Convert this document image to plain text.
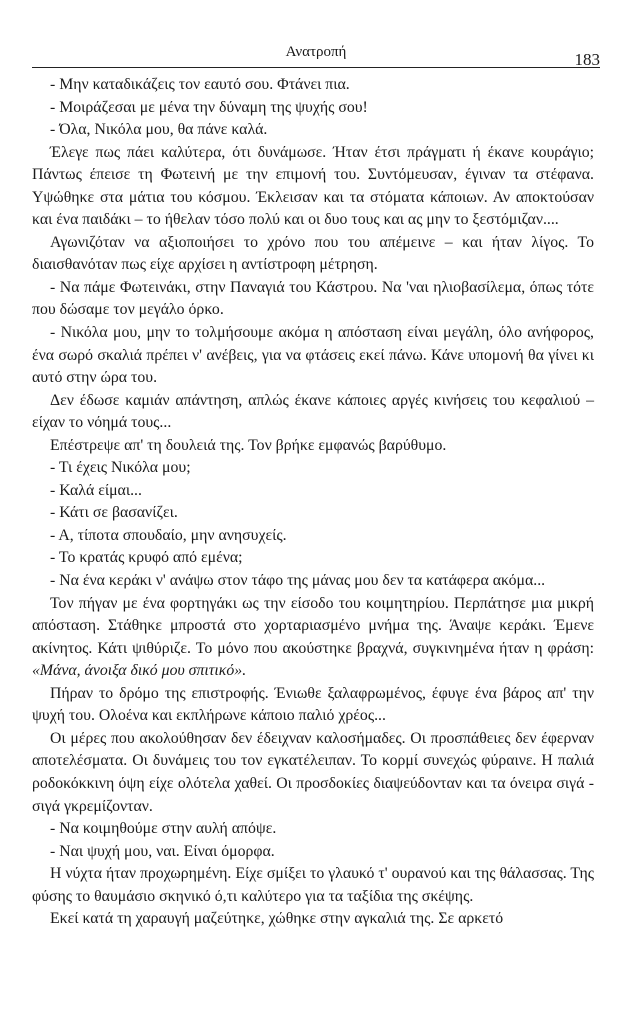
Ανατροπή	183

- Μην καταδικάζεις τον εαυτό σου. Φτάνει πια.

- Μοιράζεσαι με μένα την δύναμη της ψυχής σου!

- Όλα, Νικόλα μου, θα πάνε καλά.

Έλεγε πως πάει καλύτερα, ότι δυνάμωσε. Ήταν έτσι πράγματι ή έκανε κουράγιο; Πάντως έπεισε τη Φωτεινή με την επιμονή του. Συντόμευσαν, έγιναν τα στέφανα. Υψώθηκε στα μάτια του κόσμου. Έκλεισαν και τα στόματα κάποιων. Αν αποκτούσαν και ένα παιδάκι – το ήθελαν τόσο πολύ και οι δυο τους και ας μην το ξεστόμιζαν....

Αγωνιζόταν να αξιοποιήσει το χρόνο που του απέμεινε – και ήταν λίγος. Το διαισθανόταν πως είχε αρχίσει η αντίστροφη μέτρηση.

- Να πάμε Φωτεινάκι, στην Παναγιά του Κάστρου. Να 'ναι ηλιοβασίλεμα, όπως τότε που δώσαμε τον μεγάλο όρκο.

- Νικόλα μου, μην το τολμήσουμε ακόμα η απόσταση είναι μεγάλη, όλο ανήφορος, ένα σωρό σκαλιά πρέπει ν' ανέβεις, για να φτάσεις εκεί πάνω. Κάνε υπομονή θα γίνει κι αυτό στην ώρα του.

Δεν έδωσε καμιάν απάντηση, απλώς έκανε κάποιες αργές κινήσεις του κεφαλιού – είχαν το νόημά τους...

Επέστρεψε απ' τη δουλειά της. Τον βρήκε εμφανώς βαρύθυμο.

- Τι έχεις Νικόλα μου;

- Καλά είμαι...

- Κάτι σε βασανίζει.

- Α, τίποτα σπουδαίο, μην ανησυχείς.

- Το κρατάς κρυφό από εμένα;

- Να ένα κεράκι ν' ανάψω στον τάφο της μάνας μου δεν τα κατάφερα ακόμα...

Τον πήγαν με ένα φορτηγάκι ως την είσοδο του κοιμητηρίου. Περπάτησε μια μικρή απόσταση. Στάθηκε μπροστά στο χορταριασμένο μνήμα της. Άναψε κεράκι. Έμενε ακίνητος. Κάτι ψιθύριζε. Το μόνο που ακούστηκε βραχνά, συγκινημένα ήταν η φράση: «Μάνα, άνοιξα δικό μου σπιτικό».

Πήραν το δρόμο της επιστροφής. Ένιωθε ξαλαφρωμένος, έφυγε ένα βάρος απ' την ψυχή του. Ολοένα και εκπλήρωνε κάποιο παλιό χρέος...

Οι μέρες που ακολούθησαν δεν έδειχναν καλοσήμαδες. Οι προσπάθειες δεν έφερναν αποτελέσματα. Οι δυνάμεις του τον εγκατέλειπαν. Το κορμί συνεχώς φύραινε. Η παλιά ροδοκόκκινη όψη είχε ολότελα χαθεί. Οι προσδοκίες διαψεύδονταν και τα όνειρα σιγά - σιγά γκρεμίζονταν.

- Να κοιμηθούμε στην αυλή απόψε.

- Ναι ψυχή μου, ναι. Είναι όμορφα.

Η νύχτα ήταν προχωρημένη. Είχε σμίξει το γλαυκό τ' ουρανού και της θάλασσας. Της φύσης το θαυμάσιο σκηνικό ό,τι καλύτερο για τα ταξίδια της σκέψης.

Εκεί κατά τη χαραυγή μαζεύτηκε, χώθηκε στην αγκαλιά της. Σε αρκετό
